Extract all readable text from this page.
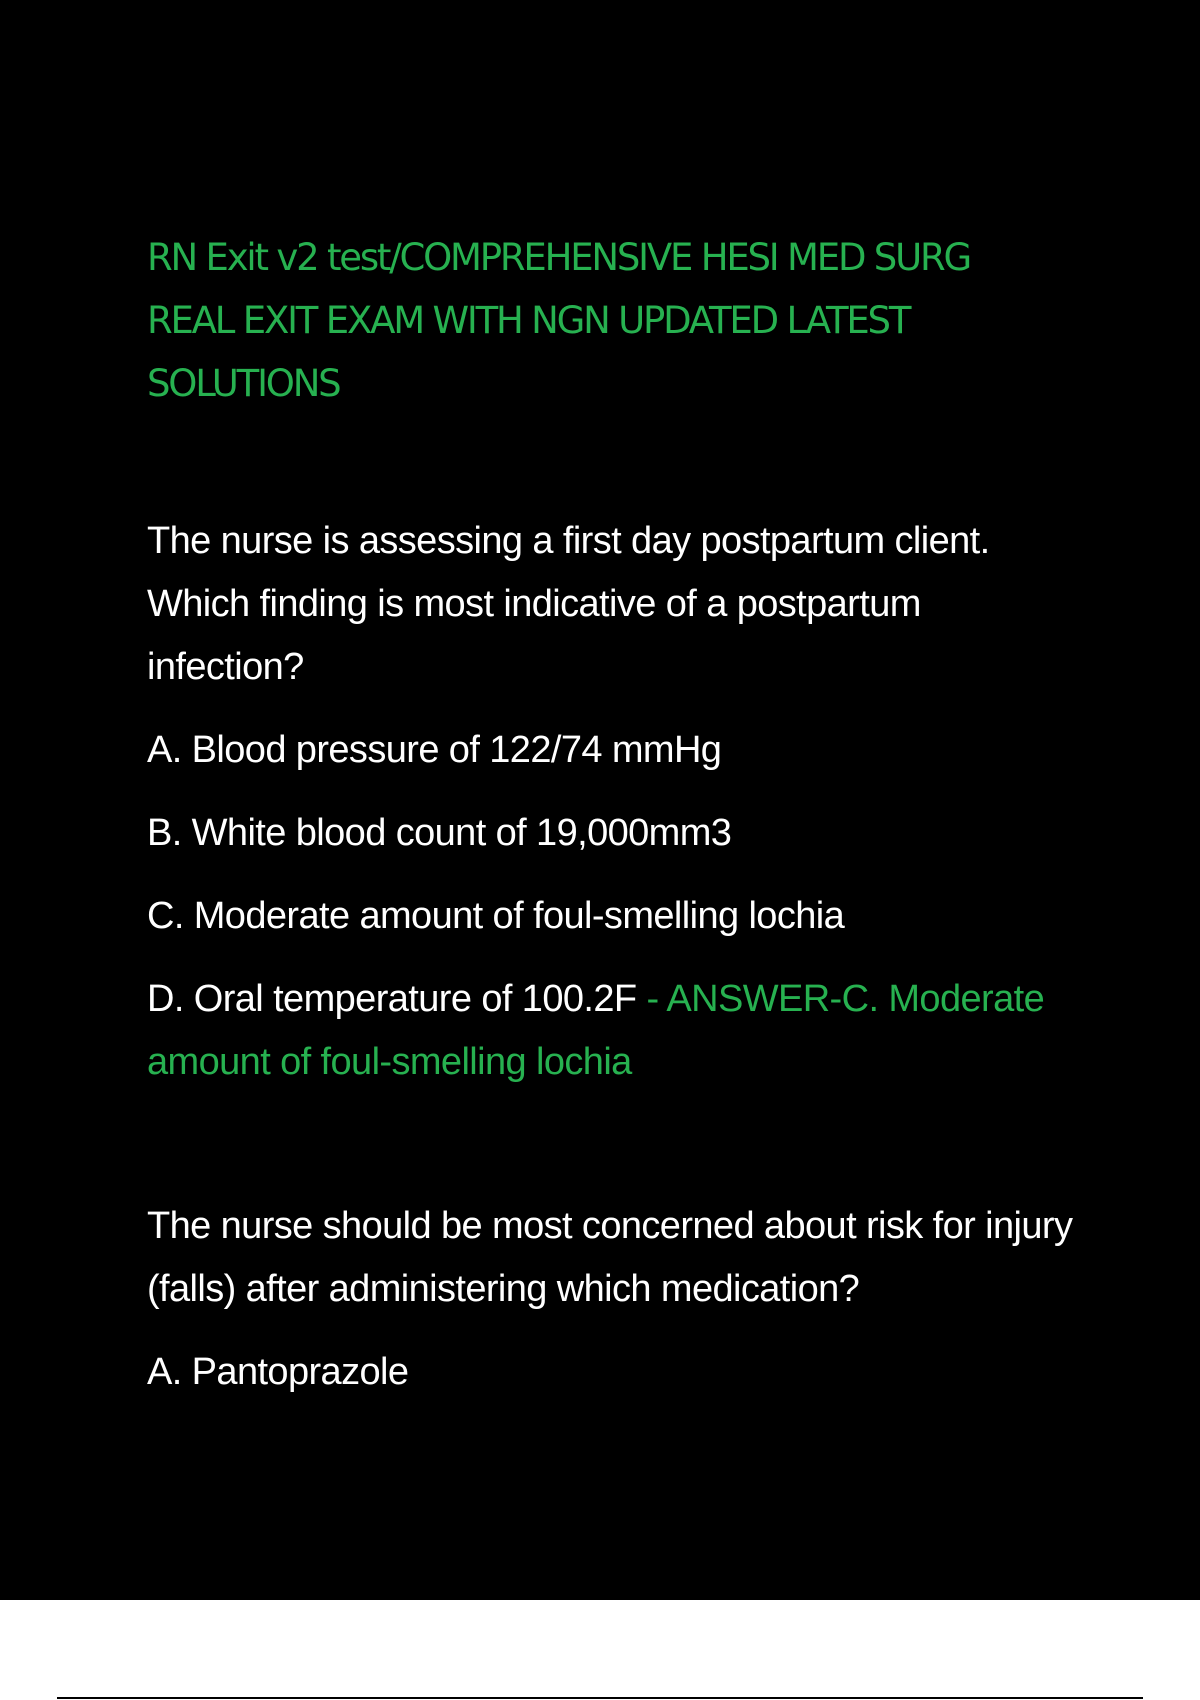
RN Exit v2 test/COMPREHENSIVE HESI MED SURG REAL EXIT EXAM WITH NGN UPDATED LATEST SOLUTIONS

The nurse is assessing a first day postpartum client. Which finding is most indicative of a postpartum infection?

A. Blood pressure of 122/74 mmHg

B. White blood count of 19,000mm3

C. Moderate amount of foul-smelling lochia

D. Oral temperature of 100.2F - ANSWER-C. Moderate amount of foul-smelling lochia

The nurse should be most concerned about risk for injury (falls) after administering which medication?

A. Pantoprazole
